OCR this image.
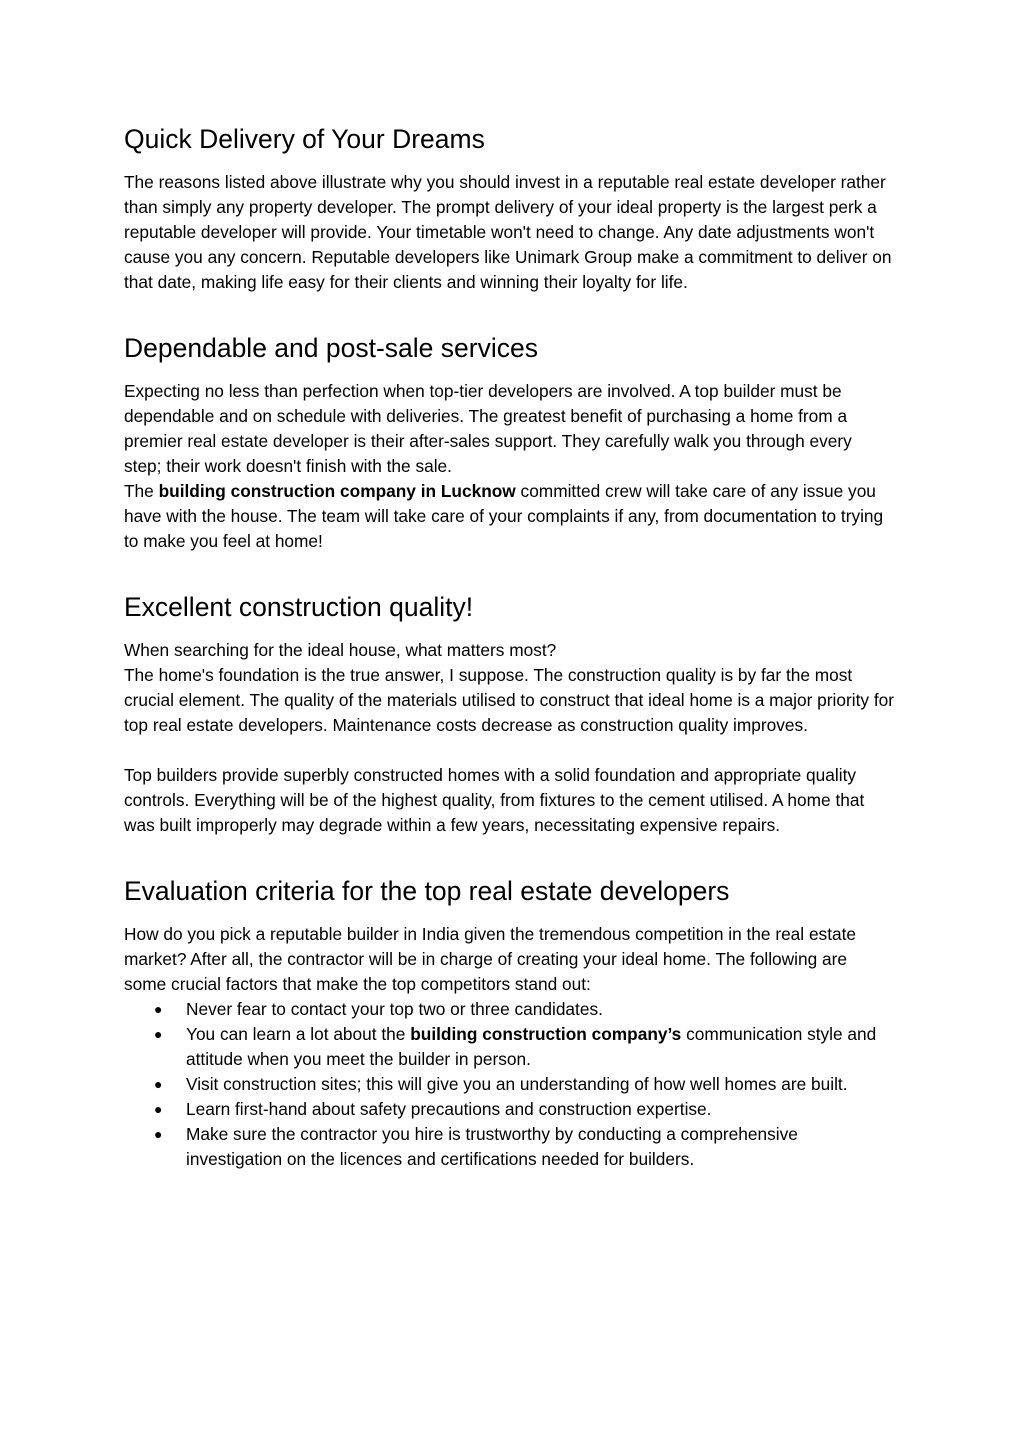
Quick Delivery of Your Dreams

The reasons listed above illustrate why you should invest in a reputable real estate developer rather than simply any property developer. The prompt delivery of your ideal property is the largest perk a reputable developer will provide. Your timetable won't need to change. Any date adjustments won't cause you any concern. Reputable developers like Unimark Group make a commitment to deliver on that date, making life easy for their clients and winning their loyalty for life.

Dependable and post-sale services

Expecting no less than perfection when top-tier developers are involved. A top builder must be dependable and on schedule with deliveries. The greatest benefit of purchasing a home from a premier real estate developer is their after-sales support. They carefully walk you through every step; their work doesn't finish with the sale.

The building construction company in Lucknow committed crew will take care of any issue you have with the house. The team will take care of your complaints if any, from documentation to trying to make you feel at home!

Excellent construction quality!

When searching for the ideal house, what matters most?

The home's foundation is the true answer, I suppose. The construction quality is by far the most crucial element. The quality of the materials utilised to construct that ideal home is a major priority for top real estate developers. Maintenance costs decrease as construction quality improves.

Top builders provide superbly constructed homes with a solid foundation and appropriate quality controls. Everything will be of the highest quality, from fixtures to the cement utilised. A home that was built improperly may degrade within a few years, necessitating expensive repairs.

Evaluation criteria for the top real estate developers

How do you pick a reputable builder in India given the tremendous competition in the real estate market? After all, the contractor will be in charge of creating your ideal home. The following are some crucial factors that make the top competitors stand out:

● Never fear to contact your top two or three candidates.
● You can learn a lot about the building construction company’s communication style and attitude when you meet the builder in person.
● Visit construction sites; this will give you an understanding of how well homes are built.
● Learn first-hand about safety precautions and construction expertise.
● Make sure the contractor you hire is trustworthy by conducting a comprehensive investigation on the licences and certifications needed for builders.
